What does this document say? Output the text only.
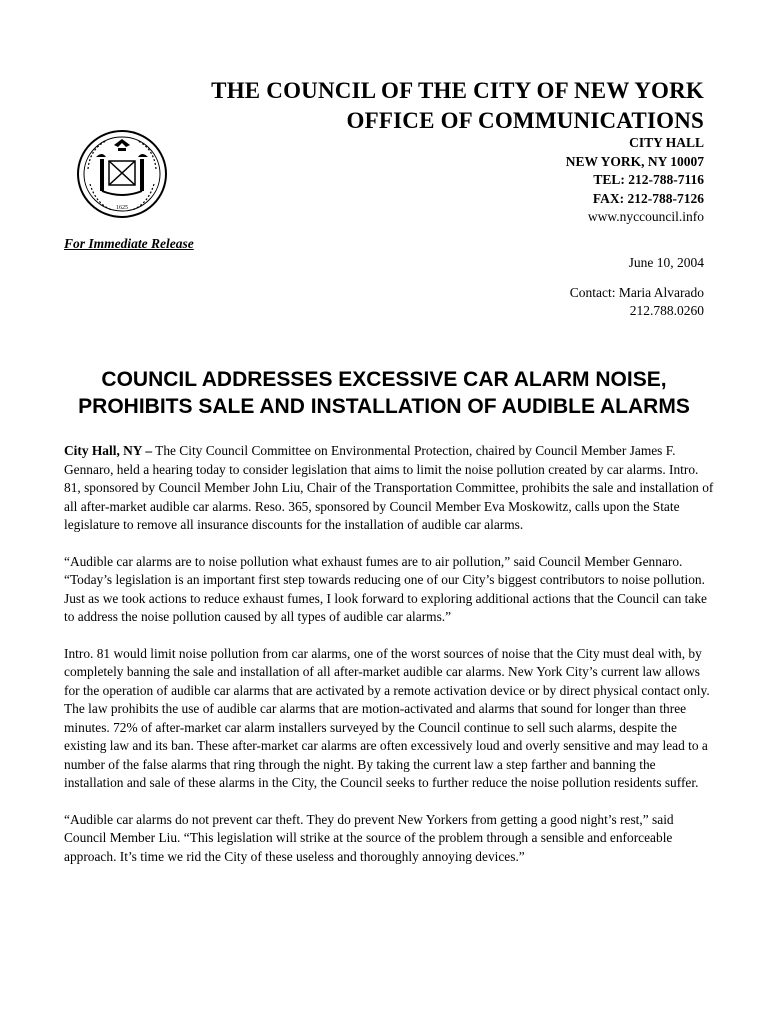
THE COUNCIL OF THE CITY OF NEW YORK
OFFICE OF COMMUNICATIONS
CITY HALL
NEW YORK, NY 10007
TEL: 212-788-7116
FAX: 212-788-7126
www.nyccouncil.info
1625
For Immediate Release
June 10, 2004
Contact: Maria Alvarado
212.788.0260
COUNCIL ADDRESSES EXCESSIVE CAR ALARM NOISE,
PROHIBITS SALE AND INSTALLATION OF AUDIBLE ALARMS

City Hall, NY – The City Council Committee on Environmental Protection, chaired by Council Member James F. Gennaro, held a hearing today to consider legislation that aims to limit the noise pollution created by car alarms. Intro. 81, sponsored by Council Member John Liu, Chair of the Transportation Committee, prohibits the sale and installation of all after-market audible car alarms. Reso. 365, sponsored by Council Member Eva Moskowitz, calls upon the State legislature to remove all insurance discounts for the installation of audible car alarms.

“Audible car alarms are to noise pollution what exhaust fumes are to air pollution,” said Council Member Gennaro. “Today’s legislation is an important first step towards reducing one of our City’s biggest contributors to noise pollution. Just as we took actions to reduce exhaust fumes, I look forward to exploring additional actions that the Council can take to address the noise pollution caused by all types of audible car alarms.”

Intro. 81 would limit noise pollution from car alarms, one of the worst sources of noise that the City must deal with, by completely banning the sale and installation of all after-market audible car alarms. New York City’s current law allows for the operation of audible car alarms that are activated by a remote activation device or by direct physical contact only. The law prohibits the use of audible car alarms that are motion-activated and alarms that sound for longer than three minutes. 72% of after-market car alarm installers surveyed by the Council continue to sell such alarms, despite the existing law and its ban. These after-market car alarms are often excessively loud and overly sensitive and may lead to a number of the false alarms that ring through the night. By taking the current law a step farther and banning the installation and sale of these alarms in the City, the Council seeks to further reduce the noise pollution residents suffer.

“Audible car alarms do not prevent car theft. They do prevent New Yorkers from getting a good night’s rest,” said Council Member Liu. “This legislation will strike at the source of the problem through a sensible and enforceable approach. It’s time we rid the City of these useless and thoroughly annoying devices.”
